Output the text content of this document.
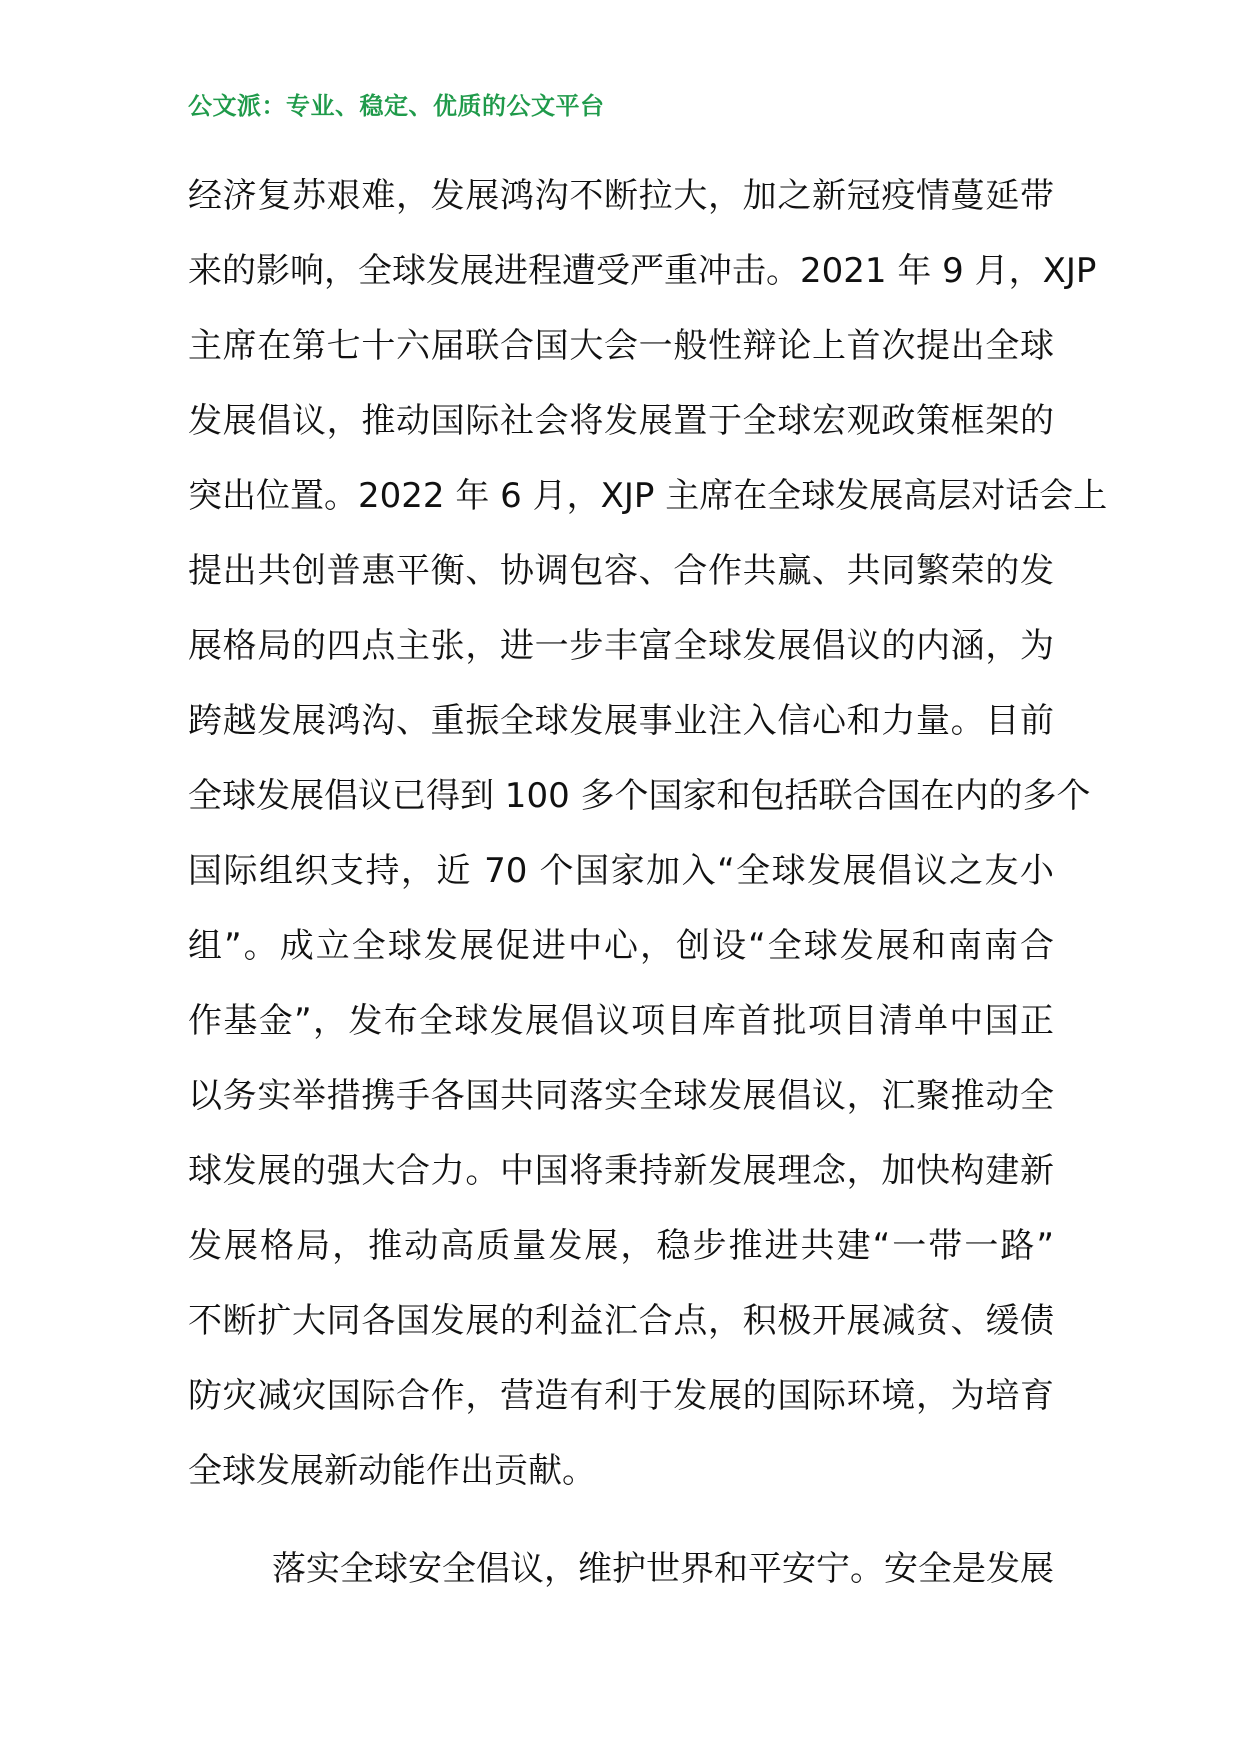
公文派：专业、稳定、优质的公文平台
经济复苏艰难，发展鸿沟不断拉大，加之新冠疫情蔓延带
来的影响，全球发展进程遭受严重冲击。2021 年 9 月，XJP
主席在第七十六届联合国大会一般性辩论上首次提出全球
发展倡议，推动国际社会将发展置于全球宏观政策框架的
突出位置。2022 年 6 月，XJP 主席在全球发展高层对话会上
提出共创普惠平衡、协调包容、合作共赢、共同繁荣的发
展格局的四点主张，进一步丰富全球发展倡议的内涵，为
跨越发展鸿沟、重振全球发展事业注入信心和力量。目前
全球发展倡议已得到 100 多个国家和包括联合国在内的多个
国际组织支持，近 70 个国家加入“全球发展倡议之友小
组”。成立全球发展促进中心，创设“全球发展和南南合
作基金”，发布全球发展倡议项目库首批项目清单中国正
以务实举措携手各国共同落实全球发展倡议，汇聚推动全
球发展的强大合力。中国将秉持新发展理念，加快构建新
发展格局，推动高质量发展，稳步推进共建“一带一路”
不断扩大同各国发展的利益汇合点，积极开展减贫、缓债
防灾减灾国际合作，营造有利于发展的国际环境，为培育
全球发展新动能作出贡献。
落实全球安全倡议，维护世界和平安宁。安全是发展
